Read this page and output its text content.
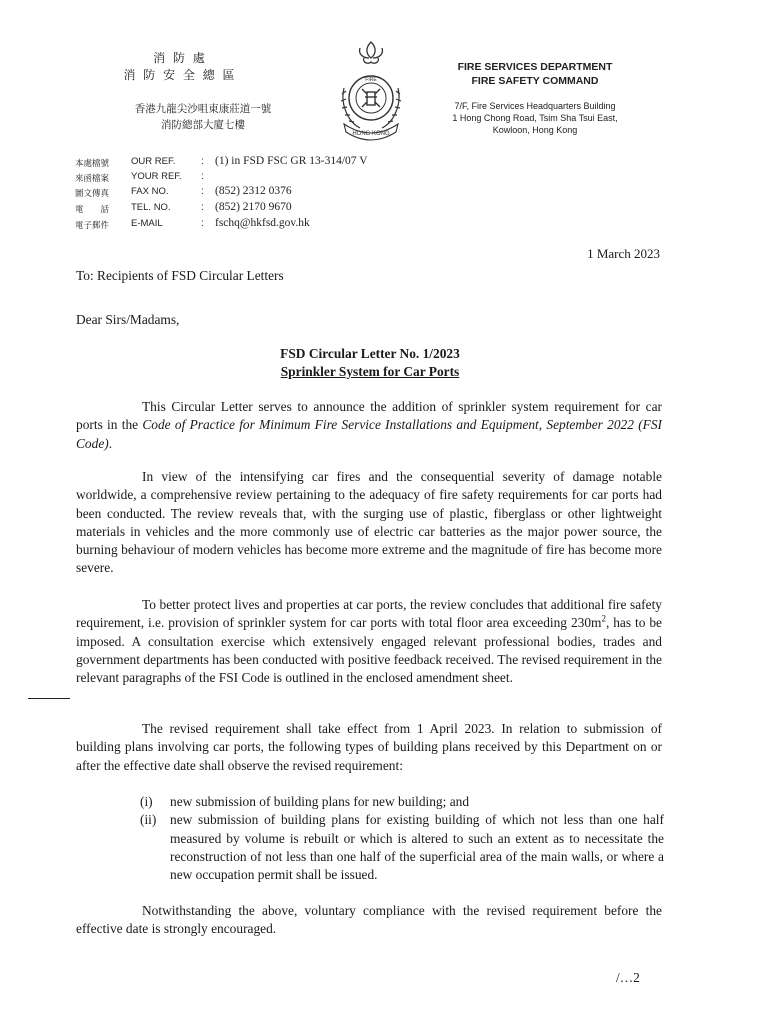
消 防 處
消 防 安 全 總 區
香港九龍尖沙咀東康莊道一號
消防總部大廈七樓
FIRE
HONG KONG
FIRE SERVICES DEPARTMENT
FIRE SAFETY COMMAND
7/F, Fire Services Headquarters Building
1 Hong Chong Road, Tsim Sha Tsui East,
Kowloon, Hong Kong
本處檔號	OUR REF.	: (1) in FSD FSC GR 13-314/07 V
來函檔案	YOUR REF.	:
圖文傳真	FAX NO.	: (852) 2312 0376
電　　話	TEL. NO.	: (852) 2170 9670
電子郵件	E-MAIL	: fschq@hkfsd.gov.hk
1 March 2023
To: Recipients of FSD Circular Letters
Dear Sirs/Madams,
FSD Circular Letter No. 1/2023
Sprinkler System for Car Ports
This Circular Letter serves to announce the addition of sprinkler system requirement for car ports in the Code of Practice for Minimum Fire Service Installations and Equipment, September 2022 (FSI Code).
In view of the intensifying car fires and the consequential severity of damage notable worldwide, a comprehensive review pertaining to the adequacy of fire safety requirements for car ports had been conducted. The review reveals that, with the surging use of plastic, fiberglass or other lightweight materials in vehicles and the more commonly use of electric car batteries as the major power source, the burning behaviour of modern vehicles has become more extreme and the magnitude of fire has become more severe.
To better protect lives and properties at car ports, the review concludes that additional fire safety requirement, i.e. provision of sprinkler system for car ports with total floor area exceeding $230m^2$, has to be imposed. A consultation exercise which extensively engaged relevant professional bodies, trades and government departments has been conducted with positive feedback received. The revised requirement in the relevant paragraphs of the FSI Code is outlined in the enclosed amendment sheet.
The revised requirement shall take effect from 1 April 2023. In relation to submission of building plans involving car ports, the following types of building plans received by this Department on or after the effective date shall observe the revised requirement:
(i) new submission of building plans for new building; and
(ii) new submission of building plans for existing building of which not less than one half measured by volume is rebuilt or which is altered to such an extent as to necessitate the reconstruction of not less than one half of the superficial area of the main walls, or where a new occupation permit shall be issued.
Notwithstanding the above, voluntary compliance with the revised requirement before the effective date is strongly encouraged.
/…2
